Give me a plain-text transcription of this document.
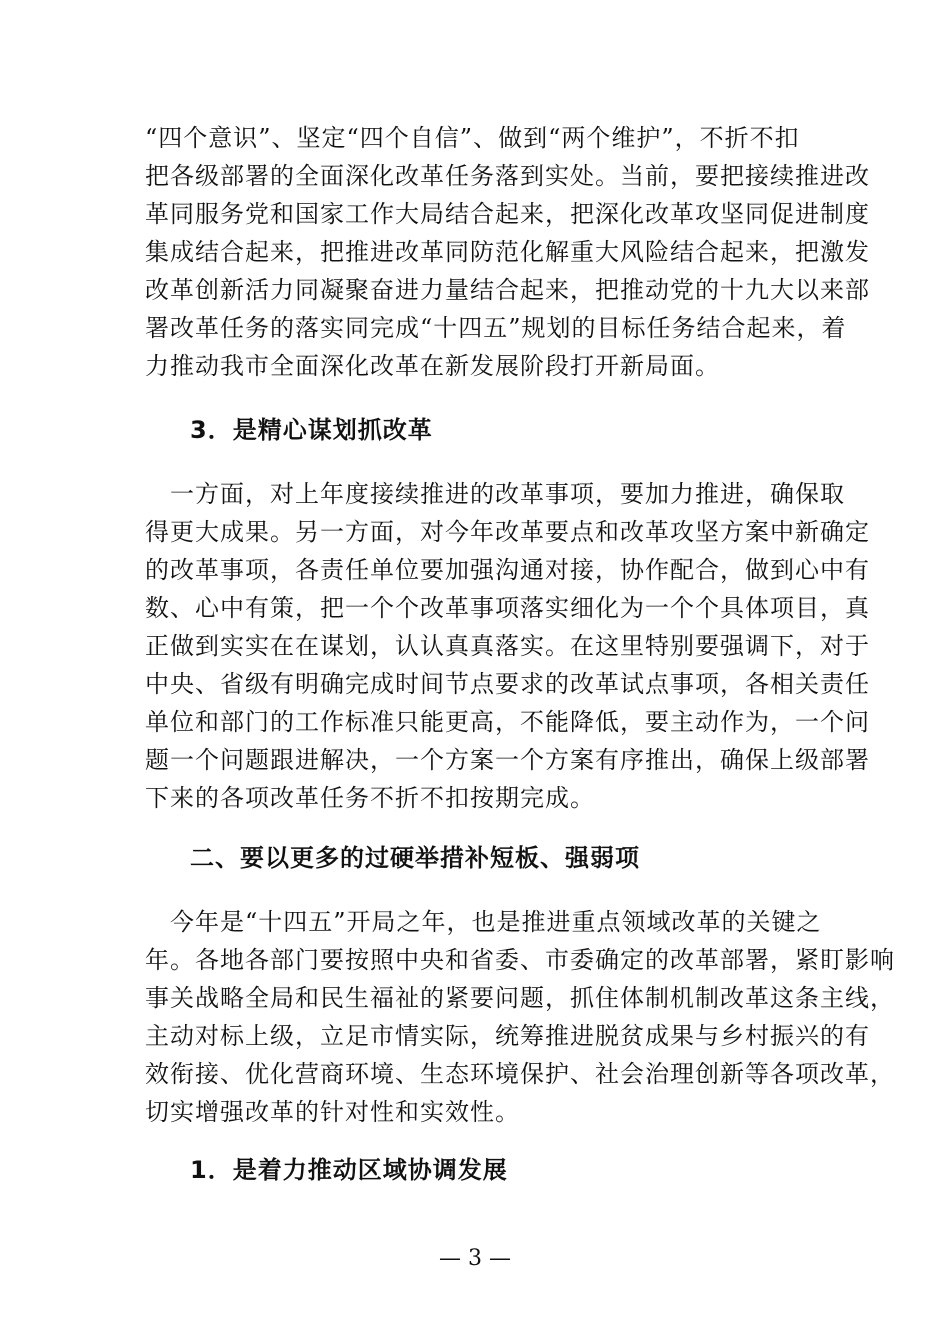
“四个意识”、坚定“四个自信”、做到“两个维护”，不折不扣
把各级部署的全面深化改革任务落到实处。当前，要把接续推进改
革同服务党和国家工作大局结合起来，把深化改革攻坚同促进制度
集成结合起来，把推进改革同防范化解重大风险结合起来，把激发
改革创新活力同凝聚奋进力量结合起来，把推动党的十九大以来部
署改革任务的落实同完成“十四五”规划的目标任务结合起来，着
力推动我市全面深化改革在新发展阶段打开新局面。
3．是精心谋划抓改革
　一方面，对上年度接续推进的改革事项，要加力推进，确保取
得更大成果。另一方面，对今年改革要点和改革攻坚方案中新确定
的改革事项，各责任单位要加强沟通对接，协作配合，做到心中有
数、心中有策，把一个个改革事项落实细化为一个个具体项目，真
正做到实实在在谋划，认认真真落实。在这里特别要强调下，对于
中央、省级有明确完成时间节点要求的改革试点事项，各相关责任
单位和部门的工作标准只能更高，不能降低，要主动作为，一个问
题一个问题跟进解决，一个方案一个方案有序推出，确保上级部署
下来的各项改革任务不折不扣按期完成。
二、要以更多的过硬举措补短板、强弱项
　今年是“十四五”开局之年，也是推进重点领域改革的关键之
年。各地各部门要按照中央和省委、市委确定的改革部署，紧盯影响
事关战略全局和民生福祉的紧要问题，抓住体制机制改革这条主线，
主动对标上级，立足市情实际，统筹推进脱贫成果与乡村振兴的有
效衔接、优化营商环境、生态环境保护、社会治理创新等各项改革，
切实增强改革的针对性和实效性。
1．是着力推动区域协调发展
— 3 —
